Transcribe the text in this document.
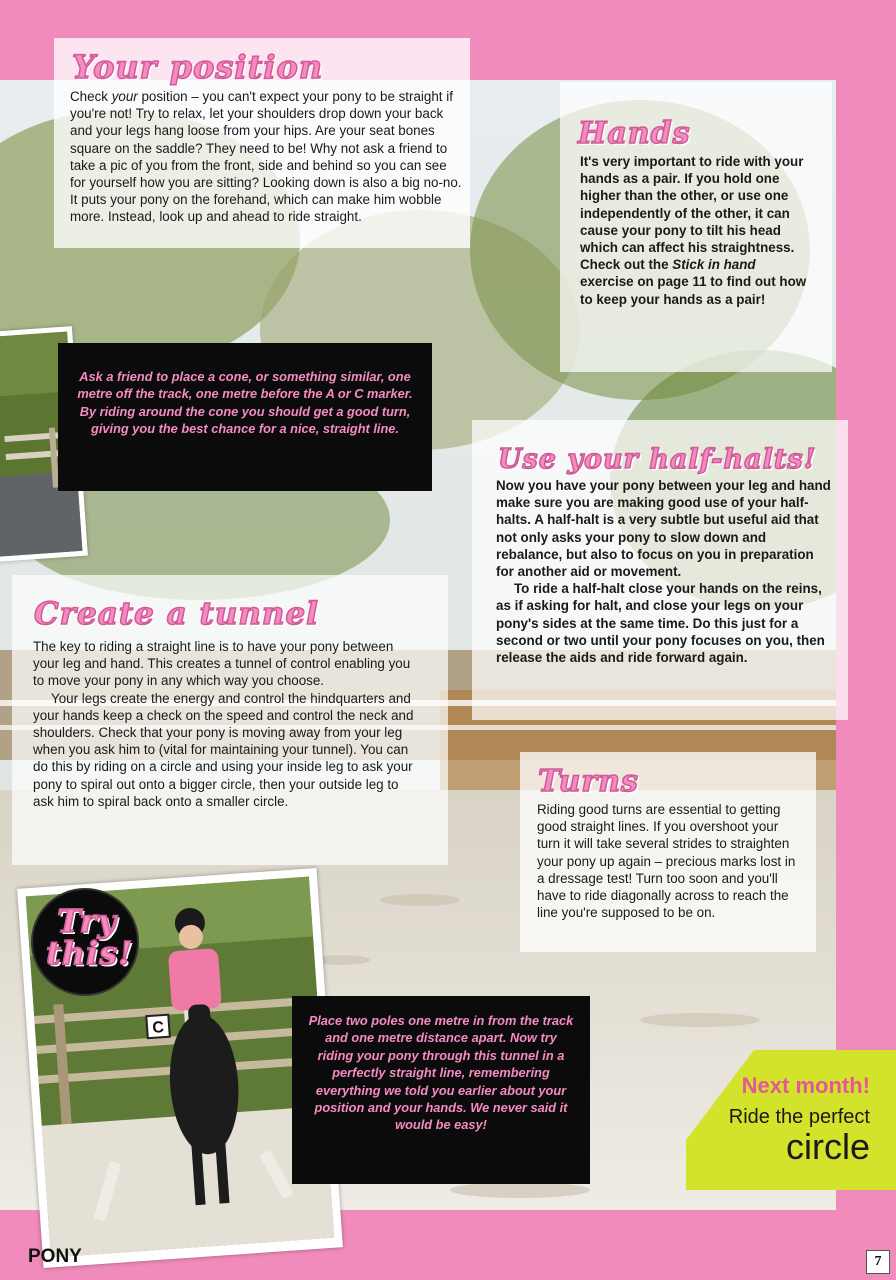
Your position
Check your position – you can't expect your pony to be straight if you're not! Try to relax, let your shoulders drop down your back and your legs hang loose from your hips. Are your seat bones square on the saddle? They need to be! Why not ask a friend to take a pic of you from the front, side and behind so you can see for yourself how you are sitting? Looking down is also a big no-no. It puts your pony on the forehand, which can make him wobble more. Instead, look up and ahead to ride straight.
Hands
It's very important to ride with your hands as a pair. If you hold one higher than the other, or use one independently of the other, it can cause your pony to tilt his head which can affect his straightness. Check out the Stick in hand exercise on page 11 to find out how to keep your hands as a pair!
Ask a friend to place a cone, or something similar, one metre off the track, one metre before the A or C marker. By riding around the cone you should get a good turn, giving you the best chance for a nice, straight line.
Use your half-halts!

Now you have your pony between your leg and hand make sure you are making good use of your half-halts. A half-halt is a very subtle but useful aid that not only asks your pony to slow down and rebalance, but also to focus on you in preparation for another aid or movement.

To ride a half-halt close your hands on the reins, as if asking for halt, and close your legs on your pony's sides at the same time. Do this just for a second or two until your pony focuses on you, then release the aids and ride forward again.

Create a tunnel

The key to riding a straight line is to have your pony between your leg and hand. This creates a tunnel of control enabling you to move your pony in any which way you choose.

Your legs create the energy and control the hindquarters and your hands keep a check on the speed and control the neck and shoulders. Check that your pony is moving away from your leg when you ask him to (vital for maintaining your tunnel). You can do this by riding on a circle and using your inside leg to ask your pony to spiral out onto a bigger circle, then your outside leg to ask him to spiral back onto a smaller circle.

Turns
Riding good turns are essential to getting good straight lines. If you overshoot your turn it will take several strides to straighten your pony up again – precious marks lost in a dressage test! Turn too soon and you'll have to ride diagonally across to reach the line you're supposed to be on.
C
Try
this!
Place two poles one metre in from the track and one metre distance apart. Now try riding your pony through this tunnel in a perfectly straight line, remembering everything we told you earlier about your position and your hands. We never said it would be easy!
Next month!
Ride the perfect
circle
PONY	7
